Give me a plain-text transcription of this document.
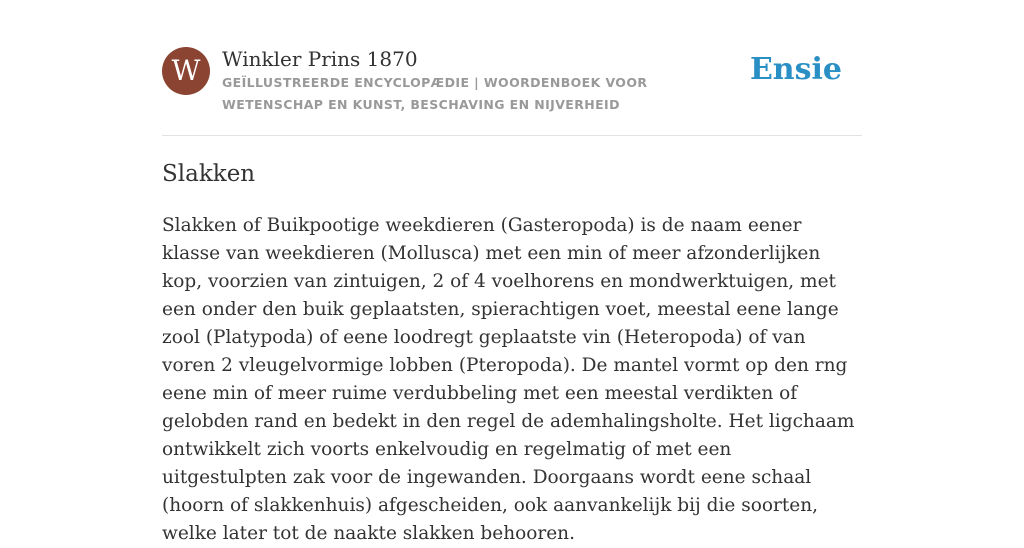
W	Winkler Prins 1870
GEÏLLUSTREERDE ENCYCLOPÆDIE | WOORDENBOEK VOOR WETENSCHAP EN KUNST, BESCHAVING EN NIJVERHEID
Ensie
Slakken

Slakken of Buikpootige weekdieren (Gasteropoda) is de naam eener klasse van weekdieren (Mollusca) met een min of meer afzonderlijken kop, voorzien van zintuigen, 2 of 4 voelhorens en mondwerktuigen, met een onder den buik geplaatsten, spierachtigen voet, meestal eene lange zool (Platypoda) of eene loodregt geplaatste vin (Heteropoda) of van voren 2 vleugelvormige lobben (Pteropoda). De mantel vormt op den rng eene min of meer ruime verdubbeling met een meestal verdikten of gelobden rand en bedekt in den regel de ademhalingsholte. Het ligchaam ontwikkelt zich voorts enkelvoudig en regelmatig of met een uitgestulpten zak voor de ingewanden. Doorgaans wordt eene schaal (hoorn of slakkenhuis) afgescheiden, ook aanvankelijk bij die soorten, welke later tot de naakte slakken behooren.
